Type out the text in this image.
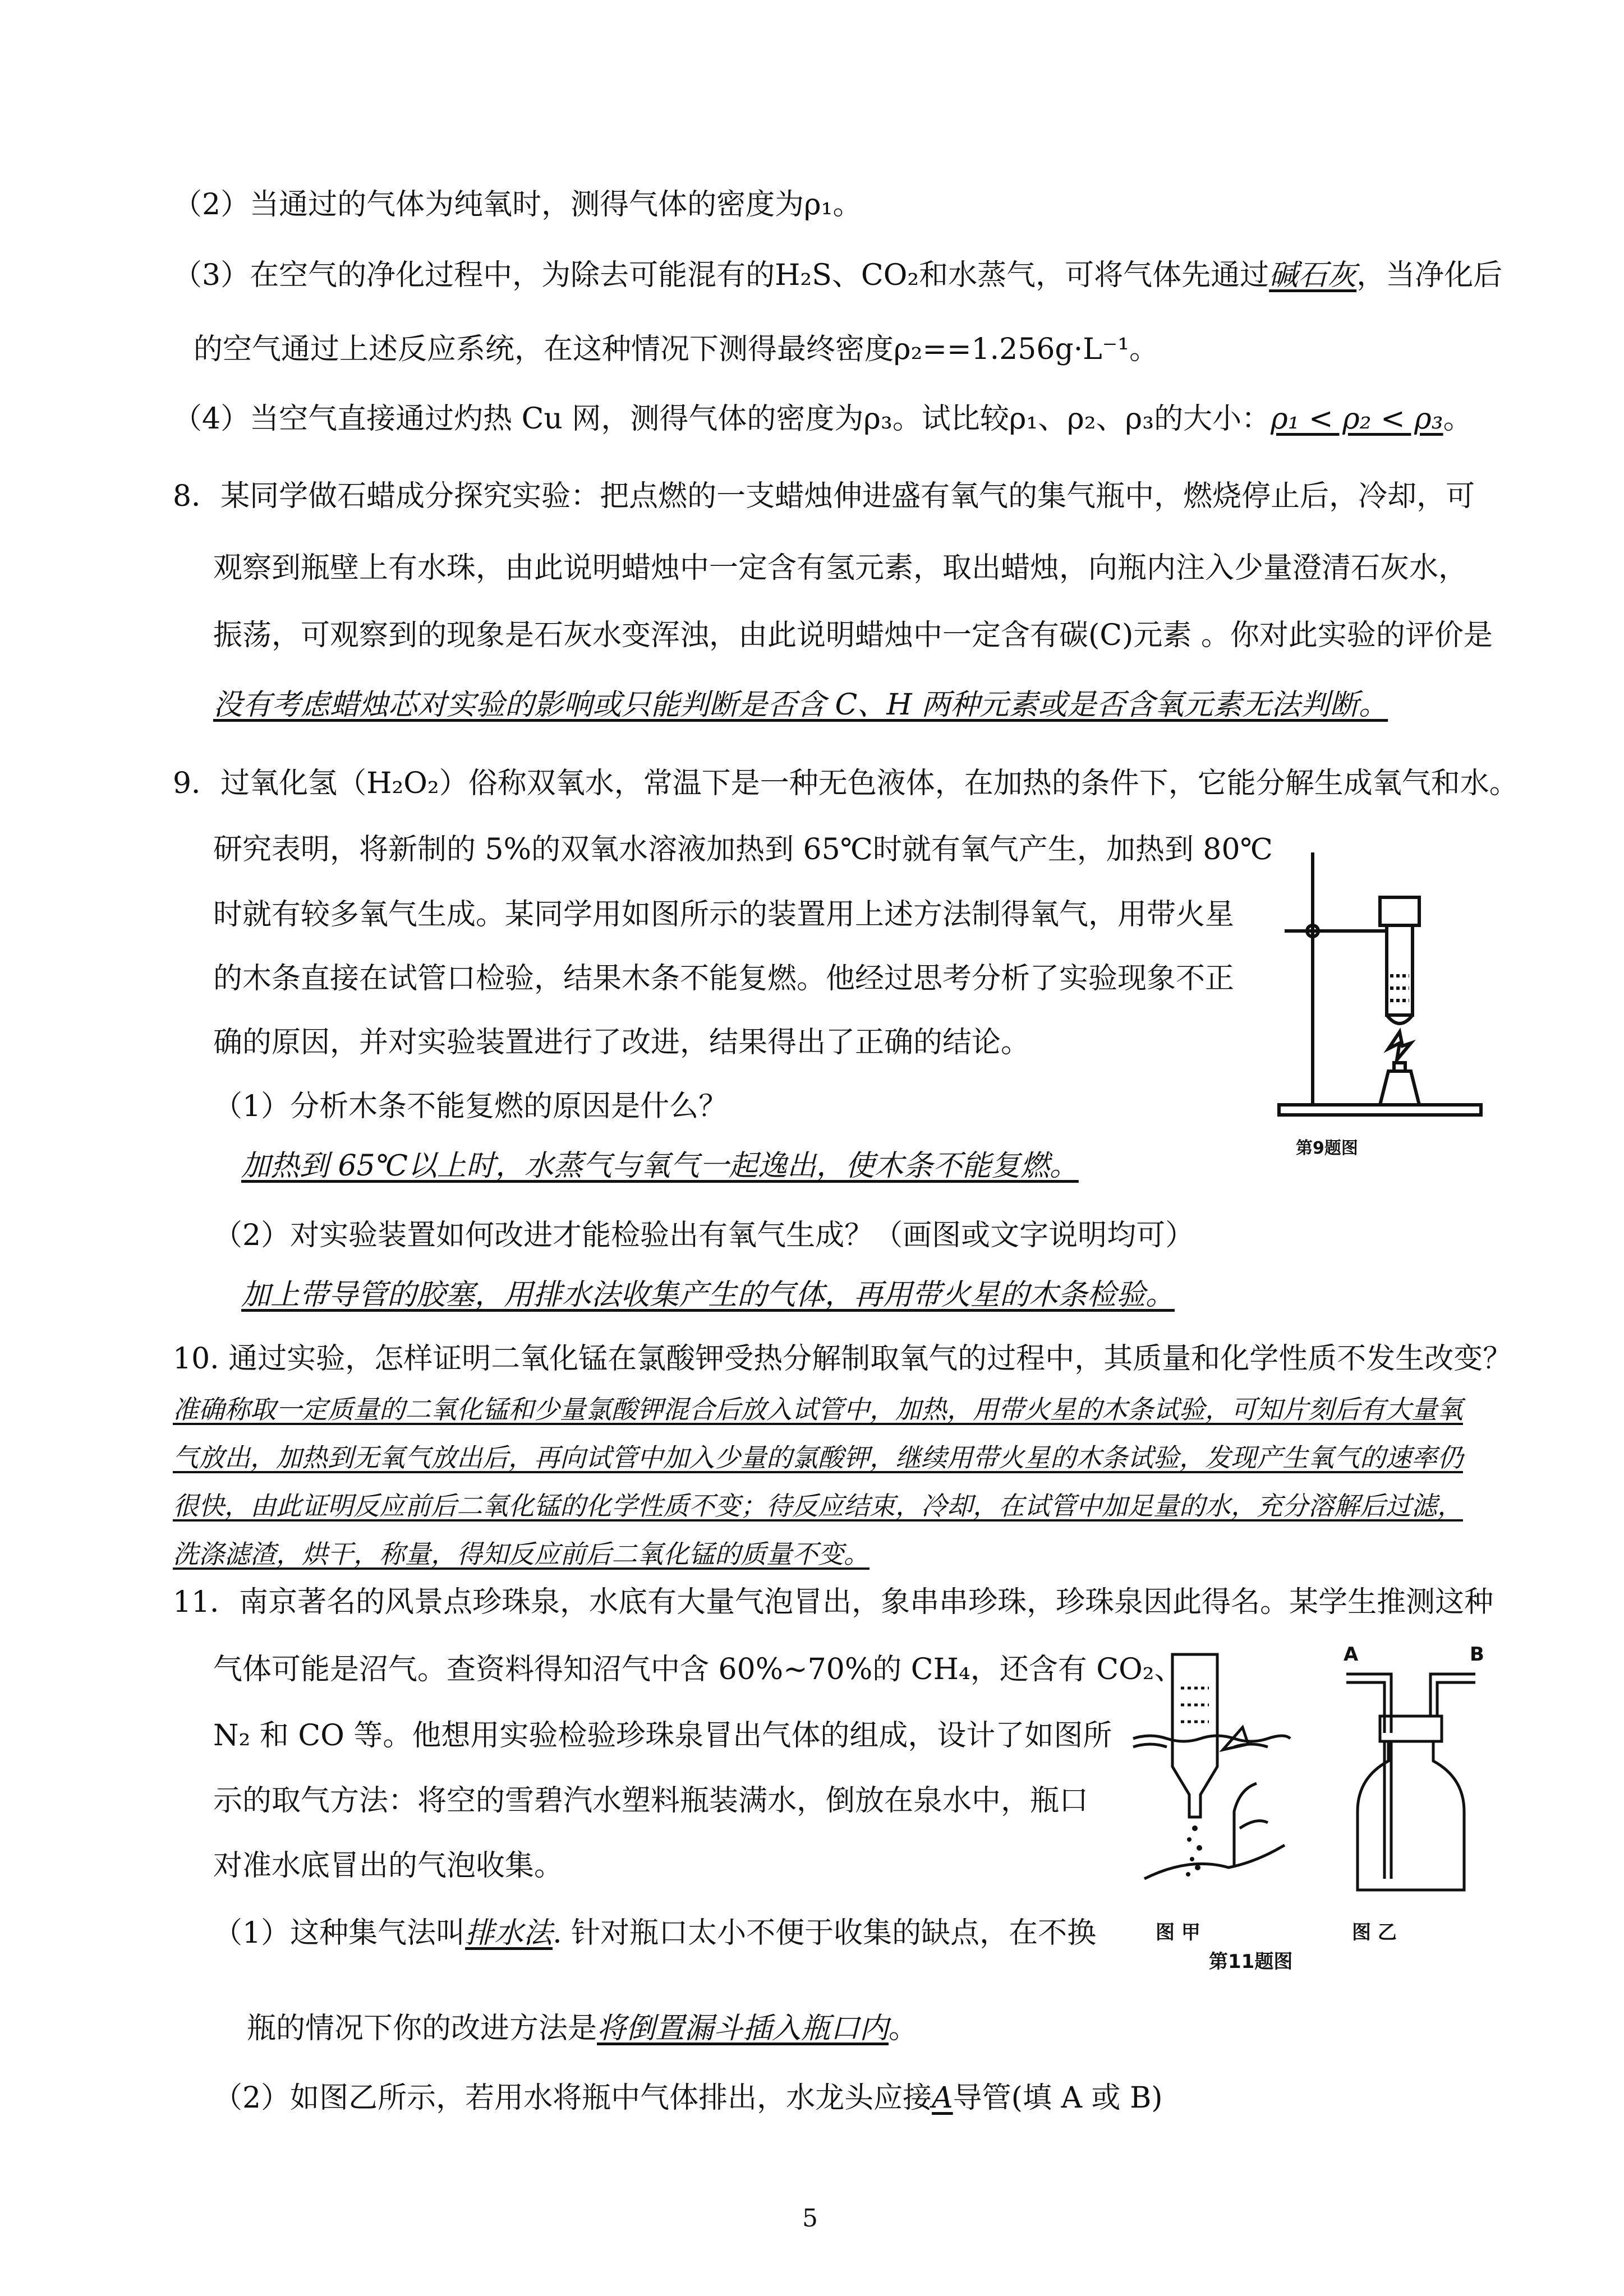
（2）当通过的气体为纯氧时，测得气体的密度为ρ₁。
（3）在空气的净化过程中，为除去可能混有的H₂S、CO₂和水蒸气，可将气体先通过碱石灰，当净化后
的空气通过上述反应系统，在这种情况下测得最终密度ρ₂==1.256g·L⁻¹。
（4）当空气直接通过灼热 Cu 网，测得气体的密度为ρ₃。试比较ρ₁、ρ₂、ρ₃的大小：ρ₁ < ρ₂ < ρ₃。
8．某同学做石蜡成分探究实验：把点燃的一支蜡烛伸进盛有氧气的集气瓶中，燃烧停止后，冷却，可
观察到瓶壁上有水珠，由此说明蜡烛中一定含有氢元素，取出蜡烛，向瓶内注入少量澄清石灰水，
振荡，可观察到的现象是石灰水变浑浊，由此说明蜡烛中一定含有碳(C)元素 。你对此实验的评价是
没有考虑蜡烛芯对实验的影响或只能判断是否含 C、H 两种元素或是否含氧元素无法判断。
9．过氧化氢（H₂O₂）俗称双氧水，常温下是一种无色液体，在加热的条件下，它能分解生成氧气和水。
研究表明，将新制的 5%的双氧水溶液加热到 65℃时就有氧气产生，加热到 80℃
时就有较多氧气生成。某同学用如图所示的装置用上述方法制得氧气，用带火星
的木条直接在试管口检验，结果木条不能复燃。他经过思考分析了实验现象不正
确的原因，并对实验装置进行了改进，结果得出了正确的结论。
（1）分析木条不能复燃的原因是什么？
加热到 65℃以上时，水蒸气与氧气一起逸出，使木条不能复燃。
（2）对实验装置如何改进才能检验出有氧气生成？（画图或文字说明均可）
加上带导管的胶塞，用排水法收集产生的气体，再用带火星的木条检验。
第9题图
10. 通过实验，怎样证明二氧化锰在氯酸钾受热分解制取氧气的过程中，其质量和化学性质不发生改变？
准确称取一定质量的二氧化锰和少量氯酸钾混合后放入试管中，加热，用带火星的木条试验，可知片刻后有大量氧气放出，加热到无氧气放出后，再向试管中加入少量的氯酸钾，继续用带火星的木条试验，发现产生氧气的速率仍很快，由此证明反应前后二氧化锰的化学性质不变；待反应结束，冷却，在试管中加足量的水，充分溶解后过滤，洗涤滤渣，烘干，称量，得知反应前后二氧化锰的质量不变。
11．南京著名的风景点珍珠泉，水底有大量气泡冒出，象串串珍珠，珍珠泉因此得名。某学生推测这种
气体可能是沼气。查资料得知沼气中含 60%~70%的 CH₄，还含有 CO₂、
N₂ 和 CO 等。他想用实验检验珍珠泉冒出气体的组成，设计了如图所
示的取气方法：将空的雪碧汽水塑料瓶装满水，倒放在泉水中，瓶口
对准水底冒出的气泡收集。
（1）这种集气法叫排水法. 针对瓶口太小不便于收集的缺点，在不换
瓶的情况下你的改进方法是将倒置漏斗插入瓶口内。
（2）如图乙所示，若用水将瓶中气体排出，水龙头应接A导管(填 A 或 B)
A	B
图 甲	图 乙
第11题图
5
